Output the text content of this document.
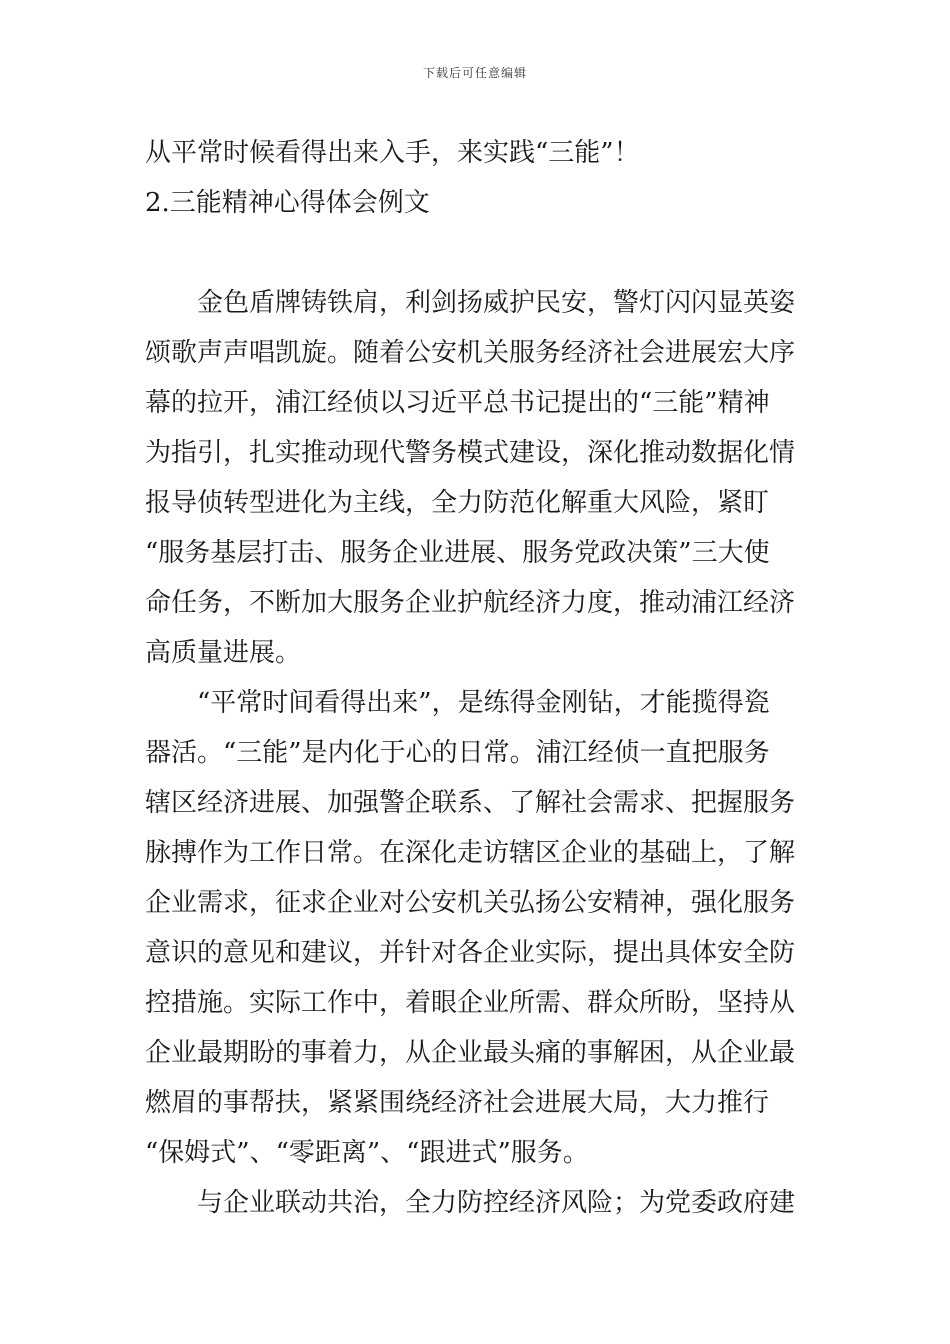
下载后可任意编辑
从平常时候看得出来入手，来实践“三能”！
2.三能精神心得体会例文
金色盾牌铸铁肩，利剑扬威护民安，警灯闪闪显英姿
颂歌声声唱凯旋。随着公安机关服务经济社会进展宏大序
幕的拉开，浦江经侦以习近平总书记提出的“三能”精神
为指引，扎实推动现代警务模式建设，深化推动数据化情
报导侦转型进化为主线，全力防范化解重大风险，紧盯
“服务基层打击、服务企业进展、服务党政决策”三大使
命任务，不断加大服务企业护航经济力度，推动浦江经济
高质量进展。
“平常时间看得出来”，是练得金刚钻，才能揽得瓷
器活。“三能”是内化于心的日常。浦江经侦一直把服务
辖区经济进展、加强警企联系、了解社会需求、把握服务
脉搏作为工作日常。在深化走访辖区企业的基础上，了解
企业需求，征求企业对公安机关弘扬公安精神，强化服务
意识的意见和建议，并针对各企业实际，提出具体安全防
控措施。实际工作中，着眼企业所需、群众所盼，坚持从
企业最期盼的事着力，从企业最头痛的事解困，从企业最
燃眉的事帮扶，紧紧围绕经济社会进展大局，大力推行
“保姆式”、“零距离”、“跟进式”服务。
与企业联动共治，全力防控经济风险；为党委政府建
